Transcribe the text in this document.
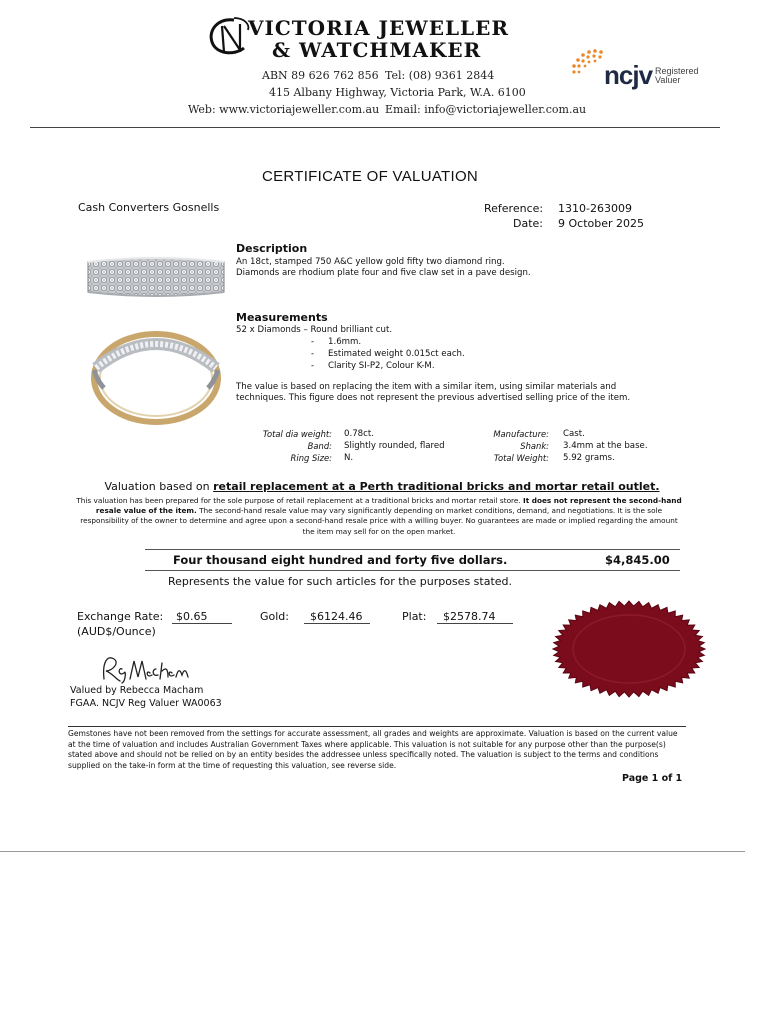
VICTORIA JEWELLER
& WATCHMAKER
ABN 89 626 762 856 Tel: (08) 9361 2844
415 Albany Highway, Victoria Park, W.A. 6100
Web: www.victoriajeweller.com.au Email: info@victoriajeweller.com.au
ncjv Registered
Valuer
CERTIFICATE OF VALUATION
Cash Converters Gosnells	Reference: 1310-263009
Date: 9 October 2025
Description
An 18ct, stamped 750 A&C yellow gold fifty two diamond ring.
Diamonds are rhodium plate four and five claw set in a pave design.
Measurements
52 x Diamonds – Round brilliant cut.
- 1.6mm.
- Estimated weight 0.015ct each.
- Clarity SI-P2, Colour K-M.
The value is based on replacing the item with a similar item, using similar materials and techniques. This figure does not represent the previous advertised selling price of the item.
Total dia weight: 0.78ct.
Band: Slightly rounded, flared
Ring Size: N.
Manufacture: Cast.
Shank: 3.4mm at the base.
Total Weight: 5.92 grams.
Valuation based on retail replacement at a Perth traditional bricks and mortar retail outlet.
This valuation has been prepared for the sole purpose of retail replacement at a traditional bricks and mortar retail store. It does not represent the second-hand resale value of the item. The second-hand resale value may vary significantly depending on market conditions, demand, and negotiations. It is the sole responsibility of the owner to determine and agree upon a second-hand resale price with a willing buyer. No guarantees are made or implied regarding the amount the item may sell for on the open market.
Four thousand eight hundred and forty five dollars.	$4,845.00
Represents the value for such articles for the purposes stated.
Exchange Rate: $0.65
(AUD$/Ounce)
Gold: $6124.46	Plat: $2578.74
RJMacham
Valued by Rebecca Macham
FGAA. NCJV Reg Valuer WA0063
Gemstones have not been removed from the settings for accurate assessment, all grades and weights are approximate. Valuation is based on the current value at the time of valuation and includes Australian Government Taxes where applicable. This valuation is not suitable for any purpose other than the purpose(s) stated above and should not be relied on by an entity besides the addressee unless specifically noted. The valuation is subject to the terms and conditions supplied on the take-in form at the time of requesting this valuation, see reverse side.
Page 1 of 1
